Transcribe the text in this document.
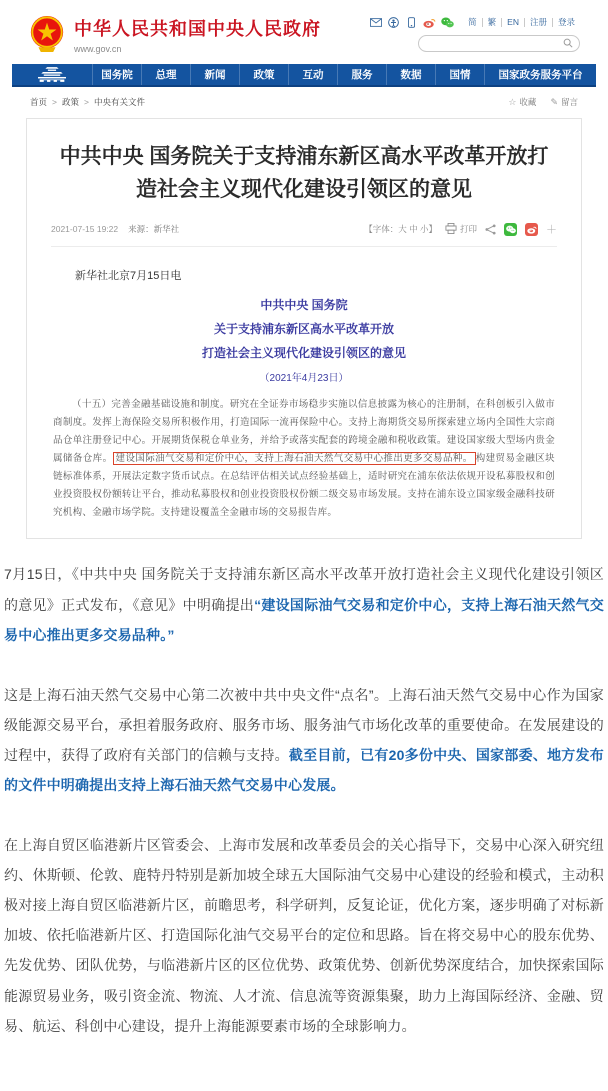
中华人民共和国中央人民政府
www.gov.cn
简	繁	EN	注册	登录
国务院	总理	新闻	政策	互动	服务	数据	国情	国家政务服务平台
首页 > 政策 > 中央有关文件	☆ 收藏 ✎ 留言
中共中央 国务院关于支持浦东新区高水平改革开放打造社会主义现代化建设引领区的意见
2021-07-15 19:22 来源：新华社	【字体：大 中 小】	打印	＋

新华社北京7月15日电

中共中央 国务院

关于支持浦东新区高水平改革开放

打造社会主义现代化建设引领区的意见

（2021年4月23日）

（十五）完善金融基础设施和制度。研究在全证券市场稳步实施以信息披露为核心的注册制，在科创板引入做市商制度。发挥上海保险交易所积极作用，打造国际一流再保险中心。支持上海期货交易所探索建立场内全国性大宗商品仓单注册登记中心。开展期货保税仓单业务，并给予或落实配套的跨境金融和税收政策。建设国家级大型场内贵金属储备仓库。 建设国际油气交易和定价中心，支持上海石油天然气交易中心推出更多交易品种。 构建贸易金融区块链标准体系，开展法定数字货币试点。在总结评估相关试点经验基础上，适时研究在浦东依法依规开设私募股权和创业投资股权份额转让平台，推动私募股权和创业投资股权份额二级交易市场发展。支持在浦东设立国家级金融科技研究机构、金融市场学院。支持建设覆盖全金融市场的交易报告库。

7月15日，《中共中央 国务院关于支持浦东新区高水平改革开放打造社会主义现代化建设引领区的意见》正式发布，《意见》中明确提出“建设国际油气交易和定价中心，支持上海石油天然气交易中心推出更多交易品种。”

这是上海石油天然气交易中心第二次被中共中央文件“点名”。上海石油天然气交易中心作为国家级能源交易平台，承担着服务政府、服务市场、服务油气市场化改革的重要使命。在发展建设的过程中，获得了政府有关部门的信赖与支持。截至目前，已有20多份中央、国家部委、地方发布的文件中明确提出支持上海石油天然气交易中心发展。

在上海自贸区临港新片区管委会、上海市发展和改革委员会的关心指导下，交易中心深入研究纽约、休斯顿、伦敦、鹿特丹特别是新加坡全球五大国际油气交易中心建设的经验和模式，主动积极对接上海自贸区临港新片区，前瞻思考，科学研判，反复论证，优化方案，逐步明确了对标新加坡、依托临港新片区、打造国际化油气交易平台的定位和思路。旨在将交易中心的股东优势、先发优势、团队优势，与临港新片区的区位优势、政策优势、创新优势深度结合，加快探索国际能源贸易业务，吸引资金流、物流、人才流、信息流等资源集聚，助力上海国际经济、金融、贸易、航运、科创中心建设，提升上海能源要素市场的全球影响力。
